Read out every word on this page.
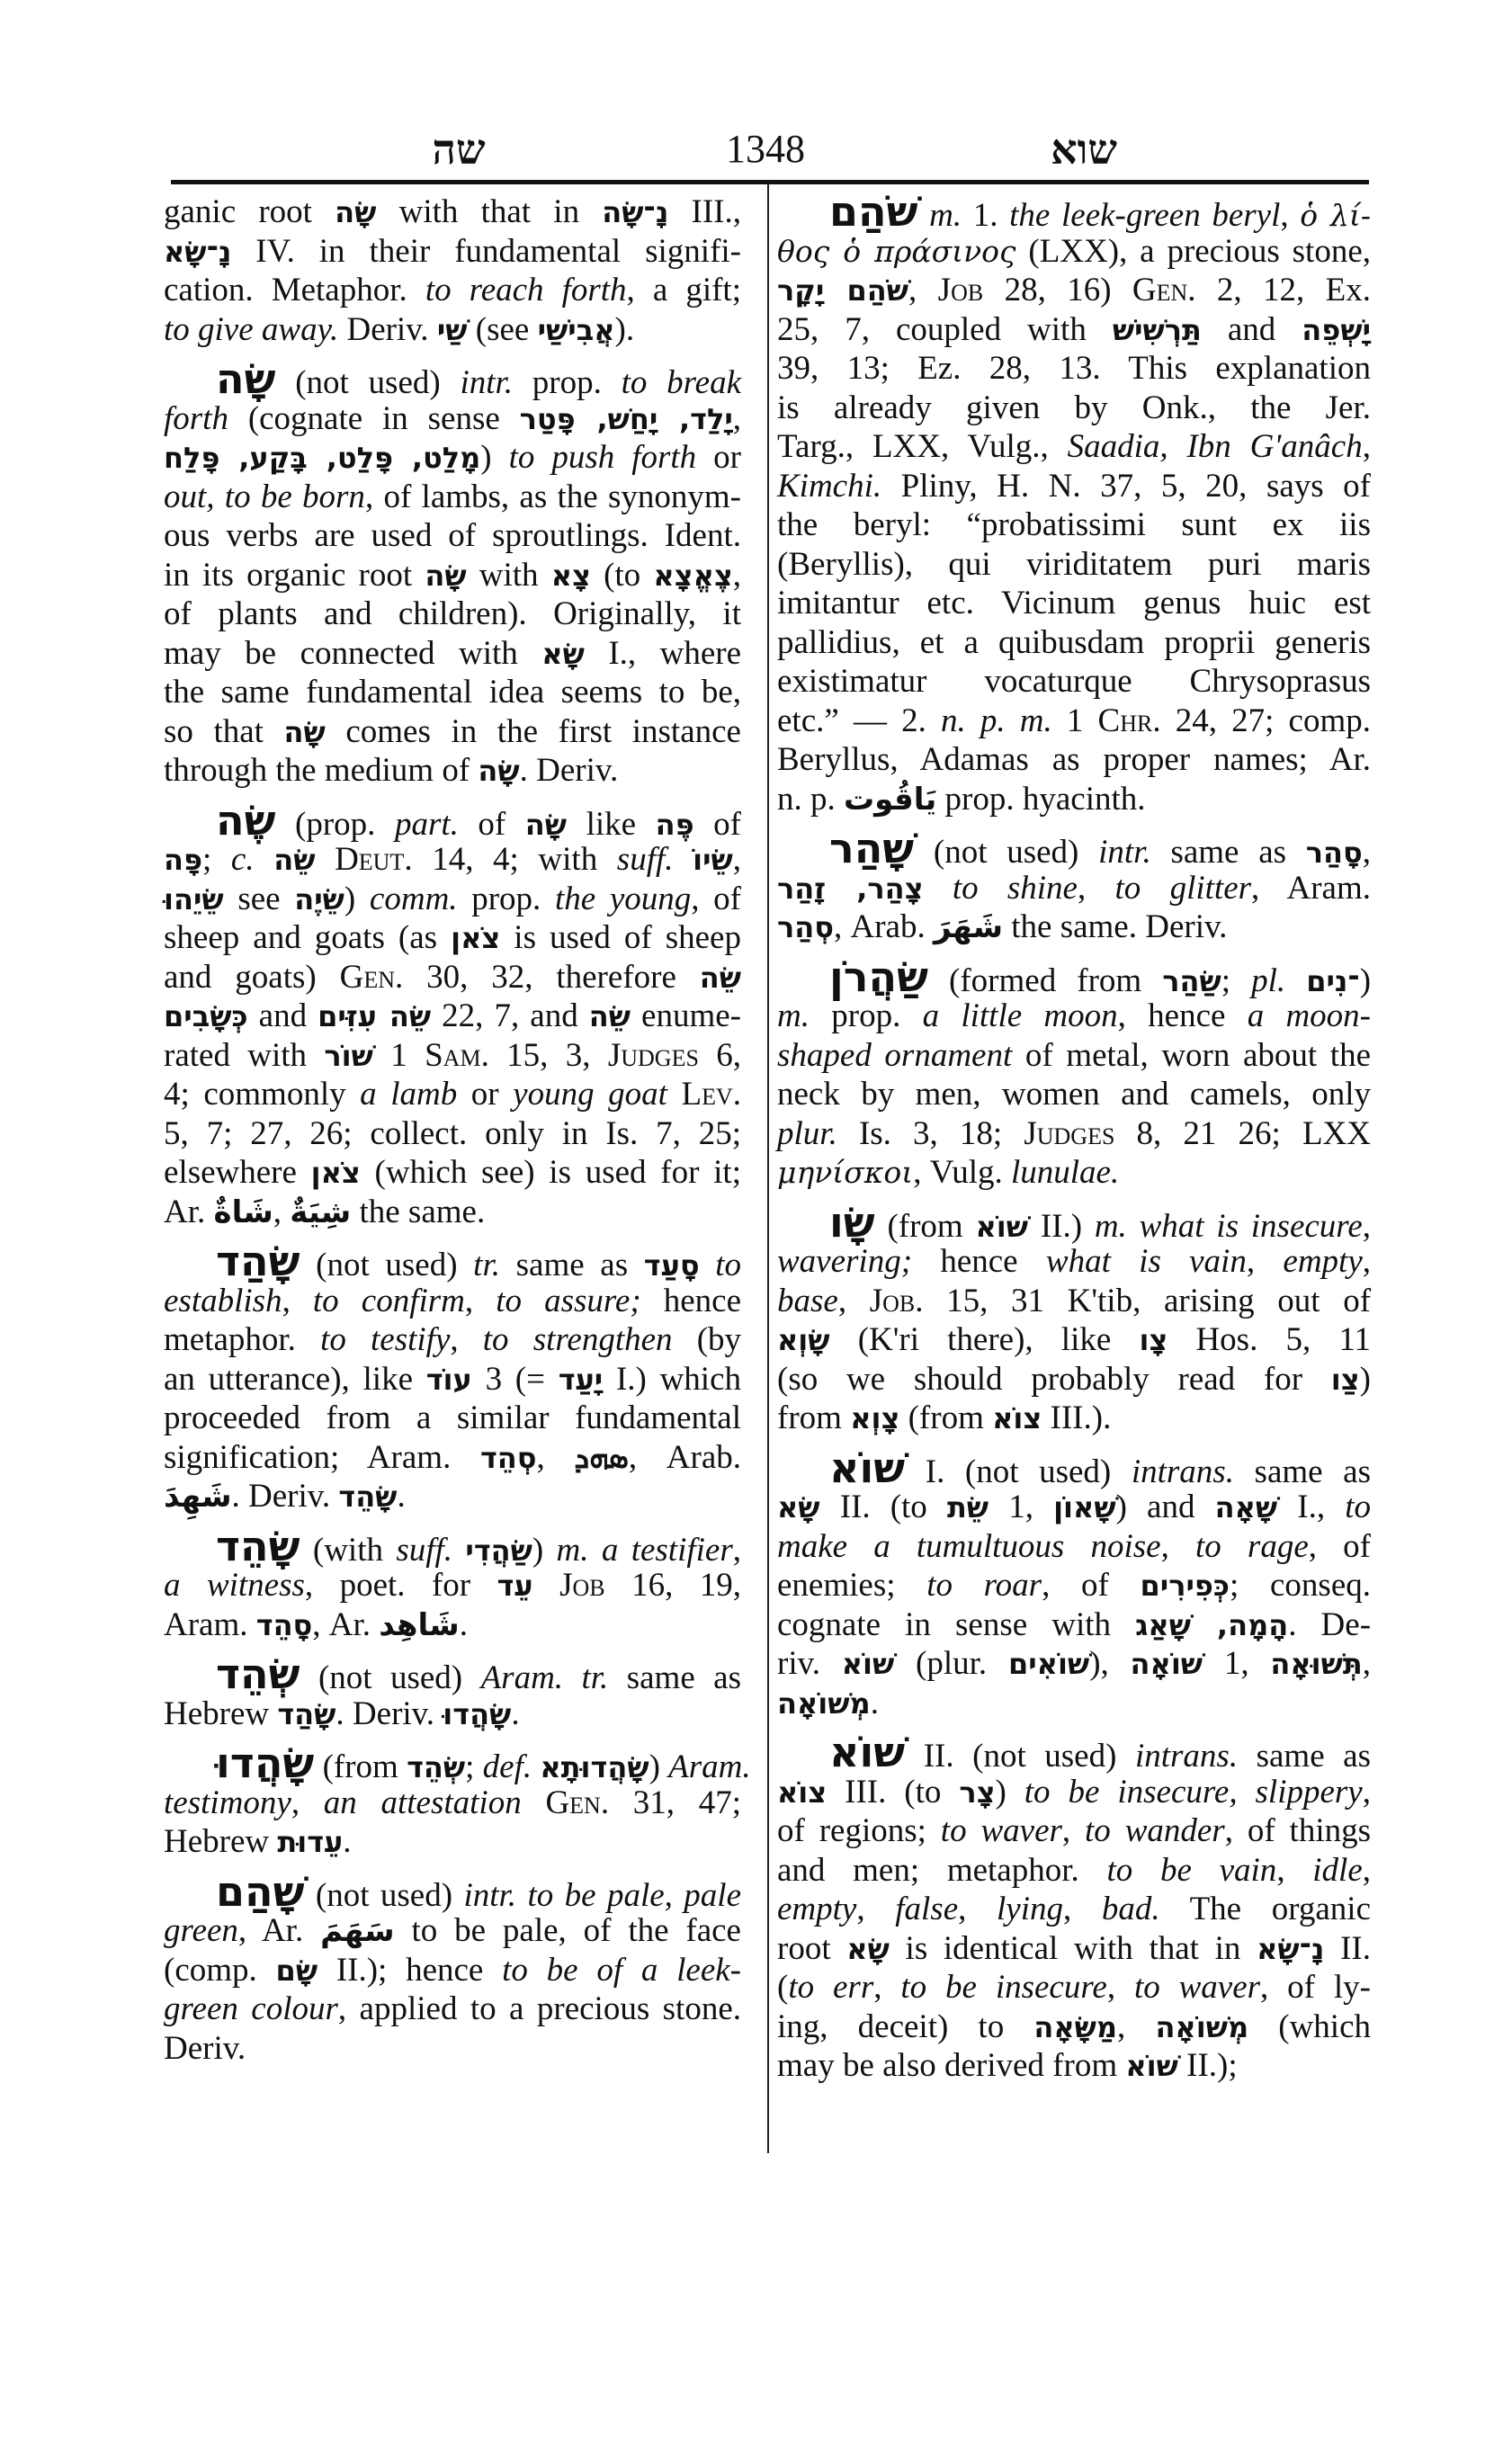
שה	1348	שוא
ganic root שָׂה with that in נָ־שָׂה III.,
נָ־שָׂא IV. in their fundamental signifi-
cation. Metaphor. to reach forth, a gift;
to give away. Deriv. שַׁי (see אֲבִישַׁי).
שָׂה (not used) intr. prop. to break
forth (cognate in sense יָלַד, יָחַשׁ, פָּטַר,
מָלַט, פָּלַט, בָּקַע, פָּלַח) to push forth or
out, to be born, of lambs, as the synonym-
ous verbs are used of sproutlings. Ident.
in its organic root שָׂה with צָא (to צֶאֱצָא,
of plants and children). Originally, it
may be connected with שָׂא I., where
the same fundamental idea seems to be,
so that שָׂה comes in the first instance
through the medium of שָׂה. Deriv.
שֶׂה (prop. part. of שָׂה like פֶּה of
פָּה; c. שֵׂה Deut. 14, 4; with suff. שֵׂיוֹ,
שֵׂיֵהוּ see שֵׂיֶה) comm. prop. the young, of
sheep and goats (as צֹאן is used of sheep
and goats) Gen. 30, 32, therefore שֵׂה
כְּשָׂבִים and שֵׂה עִזִּים 22, 7, and שֵׂה enume-
rated with שׁוֹר 1 Sam. 15, 3, Judges 6,
4; commonly a lamb or young goat Lev.
5, 7; 27, 26; collect. only in Is. 7, 25;
elsewhere צֹאן (which see) is used for it;
Ar. شَاةٌ, شِيَةٌ the same.
שָׂהַד (not used) tr. same as סָעַד to
establish, to confirm, to assure; hence
metaphor. to testify, to strengthen (by
an utterance), like עוֹד 3 (= יָעַד I.) which
proceeded from a similar fundamental
signification; Aram. סְהֵד, ܣܗܕ, Arab.
شَهِدَ. Deriv. שָׂהֵד.
שָׂהֵד (with suff. שַׂהֲדִי) m. a testifier,
a witness, poet. for עֵד Job 16, 19,
Aram. סָהֵד, Ar. شَاهِد.
שְׂהֵד (not used) Aram. tr. same as
Hebrew שָׂהַד. Deriv. שָׂהֲדוּ.
שָׂהֲדוּ (from שְׂהֵד; def. שָׂהֲדוּתָא) Aram.
testimony, an attestation Gen. 31, 47;
Hebrew עֵדוּת.
שָׁהַם (not used) intr. to be pale, pale
green, Ar. سَهَمَ to be pale, of the face
(comp. שָׂם II.); hence to be of a leek-
green colour, applied to a precious stone.
Deriv.
שֹׁהַם m. 1. the leek-green beryl, ὁ λί-
θος ὁ πράσινος (LXX), a precious stone,
שֹׁהַם יָקָר, Job 28, 16) Gen. 2, 12, Ex.
25, 7, coupled with תַּרְשִׁישׁ and יָשְׁפֵה
39, 13; Ez. 28, 13. This explanation
is already given by Onk., the Jer.
Targ., LXX, Vulg., Saadia, Ibn G'anâch,
Kimchi. Pliny, H. N. 37, 5, 20, says of
the beryl: “probatissimi sunt ex iis
(Beryllis), qui viriditatem puri maris
imitantur etc. Vicinum genus huic est
pallidius, et a quibusdam proprii generis
existimatur vocaturque Chrysoprasus
etc.” — 2. n. p. m. 1 Chr. 24, 27; comp.
Beryllus, Adamas as proper names; Ar.
n. p. يَاقُوت prop. hyacinth.
שָׁהַר (not used) intr. same as סָהַר,
צָהַר, זָהַר to shine, to glitter, Aram.
סְהַר, Arab. شَهَرَ the same. Deriv.
שַׂהֲרֹן (formed from שַׂהַר; pl. ־נִים)
m. prop. a little moon, hence a moon-
shaped ornament of metal, worn about the
neck by men, women and camels, only
plur. Is. 3, 18; Judges 8, 21 26; LXX
μηνίσκοι, Vulg. lunulae.
שָׂו (from שׁוֹא II.) m. what is insecure,
wavering; hence what is vain, empty,
base, Job. 15, 31 K'tib, arising out of
שָׂוְא (K'ri there), like צָו Hos. 5, 11
(so we should probably read for צַו)
from צָוְא (from צוֹא III.).
שׁוֹא I. (not used) intrans. same as
שָׂא II. (to שֵׂת 1, שָׁאוֹן) and שָׁאָה I., to
make a tumultuous noise, to rage, of
enemies; to roar, of כְּפִירִים; conseq.
cognate in sense with הָמָה, שָׁאַג. De-
riv. שׁוֹא (plur. שׁוֹאִים), שׁוֹאָה 1, תְּשׁוּאָה,
מְשׁוֹאָה.
שׁוֹא II. (not used) intrans. same as
צוֹא III. (to צָר) to be insecure, slippery,
of regions; to waver, to wander, of things
and men; metaphor. to be vain, idle,
empty, false, lying, bad. The organic
root שָׂא is identical with that in נָ־שָׂא II.
(to err, to be insecure, to waver, of ly-
ing, deceit) to מַשָּׂאָה, מְשׁוֹאָה (which
may be also derived from שׁוֹא II.);
